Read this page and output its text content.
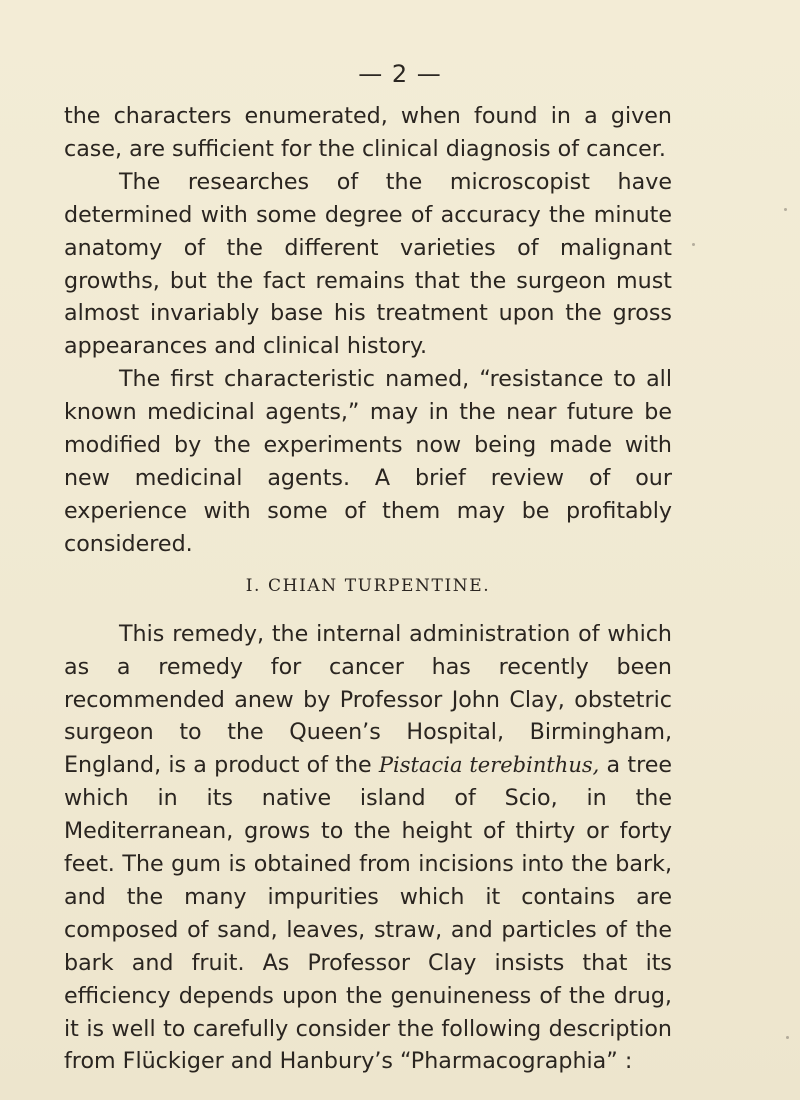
— 2 —

the characters enumerated, when found in a given case, are sufficient for the clinical diagnosis of cancer.

The researches of the microscopist have determined with some degree of accuracy the minute anatomy of the different varieties of malignant growths, but the fact remains that the surgeon must almost invariably base his treatment upon the gross appearances and clinical history.

The first characteristic named, “resistance to all known medicinal agents,” may in the near future be modified by the experiments now being made with new medicinal agents. A brief review of our experience with some of them may be profitably considered.

I. CHIAN TURPENTINE.

This remedy, the internal administration of which as a remedy for cancer has recently been recommended anew by Professor John Clay, obstetric surgeon to the Queen’s Hospital, Birmingham, England, is a product of the Pistacia terebinthus, a tree which in its native island of Scio, in the Mediterranean, grows to the height of thirty or forty feet. The gum is obtained from incisions into the bark, and the many impurities which it contains are composed of sand, leaves, straw, and particles of the bark and fruit. As Professor Clay insists that its efficiency depends upon the genuineness of the drug, it is well to carefully consider the following description from Flückiger and Hanbury’s “Pharmacographia” :
